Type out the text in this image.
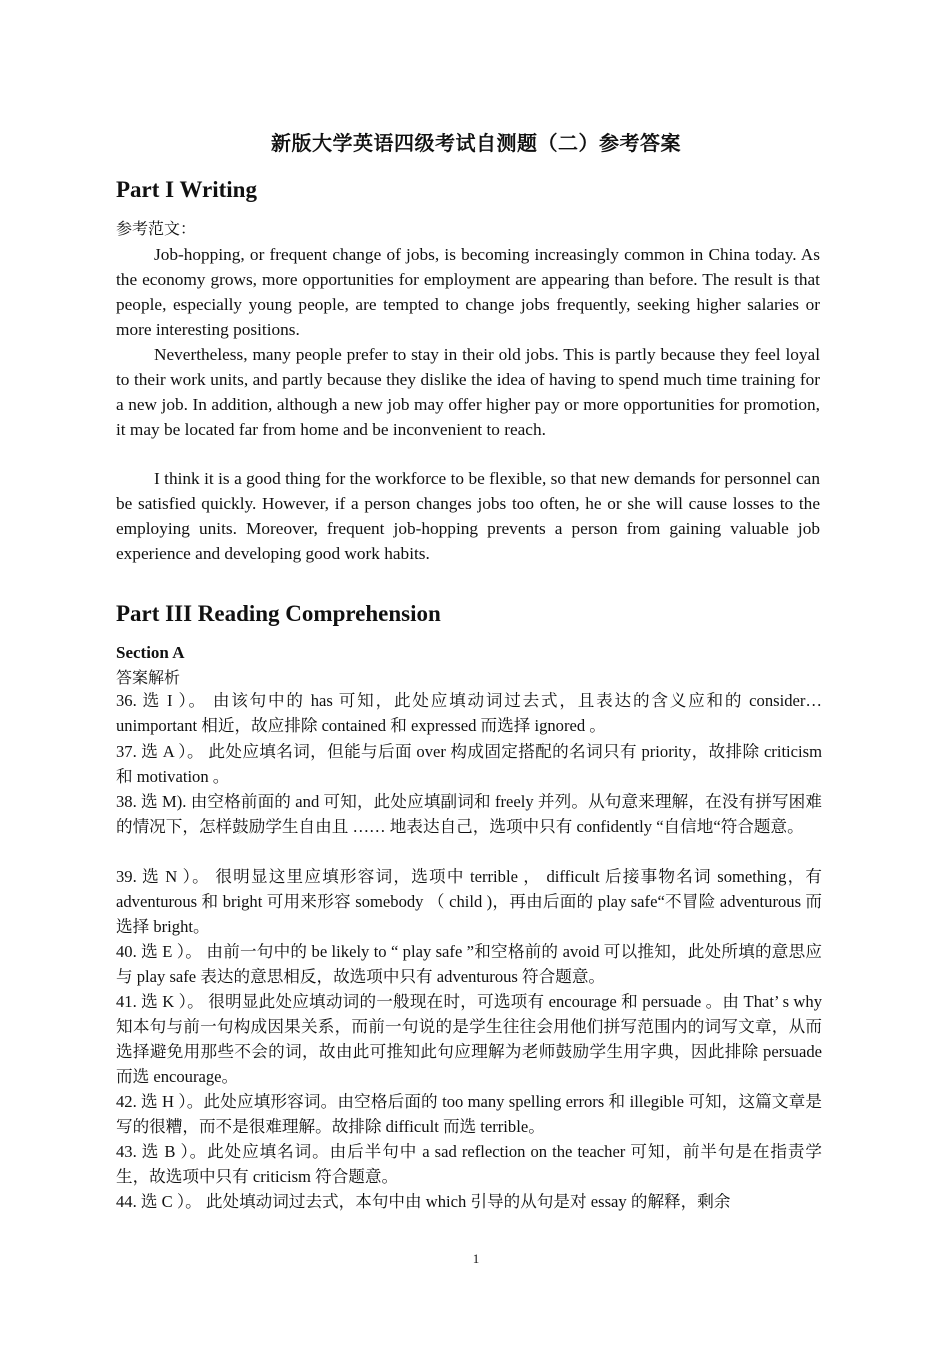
新版大学英语四级考试自测题（二）参考答案
Part I Writing
参考范文：

Job-hopping, or frequent change of jobs, is becoming increasingly common in China today. As the economy grows, more opportunities for employment are appearing than before. The result is that people, especially young people, are tempted to change jobs frequently, seeking higher salaries or more interesting positions.

Nevertheless, many people prefer to stay in their old jobs. This is partly because they feel loyal to their work units, and partly because they dislike the idea of having to spend much time training for a new job. In addition, although a new job may offer higher pay or more opportunities for promotion, it may be located far from home and be inconvenient to reach.

I think it is a good thing for the workforce to be flexible, so that new demands for personnel can be satisfied quickly. However, if a person changes jobs too often, he or she will cause losses to the employing units. Moreover, frequent job-hopping prevents a person from gaining valuable job experience and developing good work habits.

Part III Reading Comprehension
Section A
答案解析

36. 选 I ）。 由该句中的 has 可知，此处应填动词过去式，且表达的含义应和的 consider…unimportant 相近，故应排除 contained 和 expressed 而选择 ignored 。

37. 选 A ）。 此处应填名词，但能与后面 over 构成固定搭配的名词只有 priority，故排除 criticism 和 motivation 。

38. 选 M). 由空格前面的 and 可知，此处应填副词和 freely 并列。从句意来理解，在没有拼写困难的情况下，怎样鼓励学生自由且 …… 地表达自己，选项中只有 confidently “自信地“符合题意。

39. 选 N ）。 很明显这里应填形容词，选项中 terrible ， difficult 后接事物名词 something，有 adventurous 和 bright 可用来形容 somebody （ child )，再由后面的 play safe“不冒险 adventurous 而选择 bright。

40. 选 E ）。 由前一句中的 be likely to “ play safe ”和空格前的 avoid 可以推知，此处所填的意思应与 play safe 表达的意思相反，故选项中只有 adventurous 符合题意。

41. 选 K ）。 很明显此处应填动词的一般现在时，可选项有 encourage 和 persuade 。由 That’ s why 知本句与前一句构成因果关系，而前一句说的是学生往往会用他们拼写范围内的词写文章，从而选择避免用那些不会的词，故由此可推知此句应理解为老师鼓励学生用字典，因此排除 persuade 而选 encourage。

42. 选 H ）。此处应填形容词。由空格后面的 too many spelling errors 和 illegible 可知，这篇文章是写的很糟，而不是很难理解。故排除 difficult 而选 terrible。

43. 选 B ）。此处应填名词。由后半句中 a sad reflection on the teacher 可知，前半句是在指责学生，故选项中只有 criticism 符合题意。

44. 选 C ）。 此处填动词过去式，本句中由 which 引导的从句是对 essay 的解释，剩余

1
